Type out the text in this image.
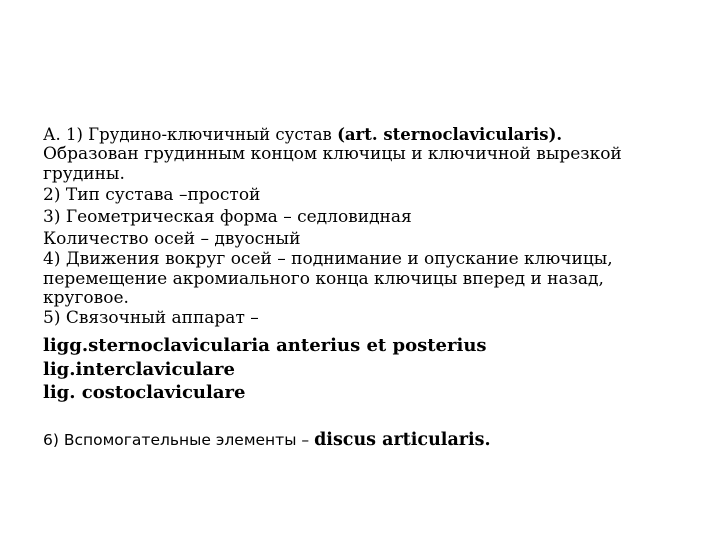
А. 1) Грудино-ключичный сустав (art. sternoclavicularis).
Образован грудинным концом ключицы и ключичной вырезкой
грудины.
2) Тип сустава –простой
3) Геометрическая форма – седловидная
Количество осей – двуосный
4) Движения вокруг осей – поднимание и опускание ключицы,
перемещение акромиального конца ключицы вперед и назад,
круговое.
5) Связочный аппарат –
ligg.sternoclavicularia anterius et posterius
lig.interclaviculare
lig. costoclaviculare
6) Вспомогательные элементы – discus articularis.
